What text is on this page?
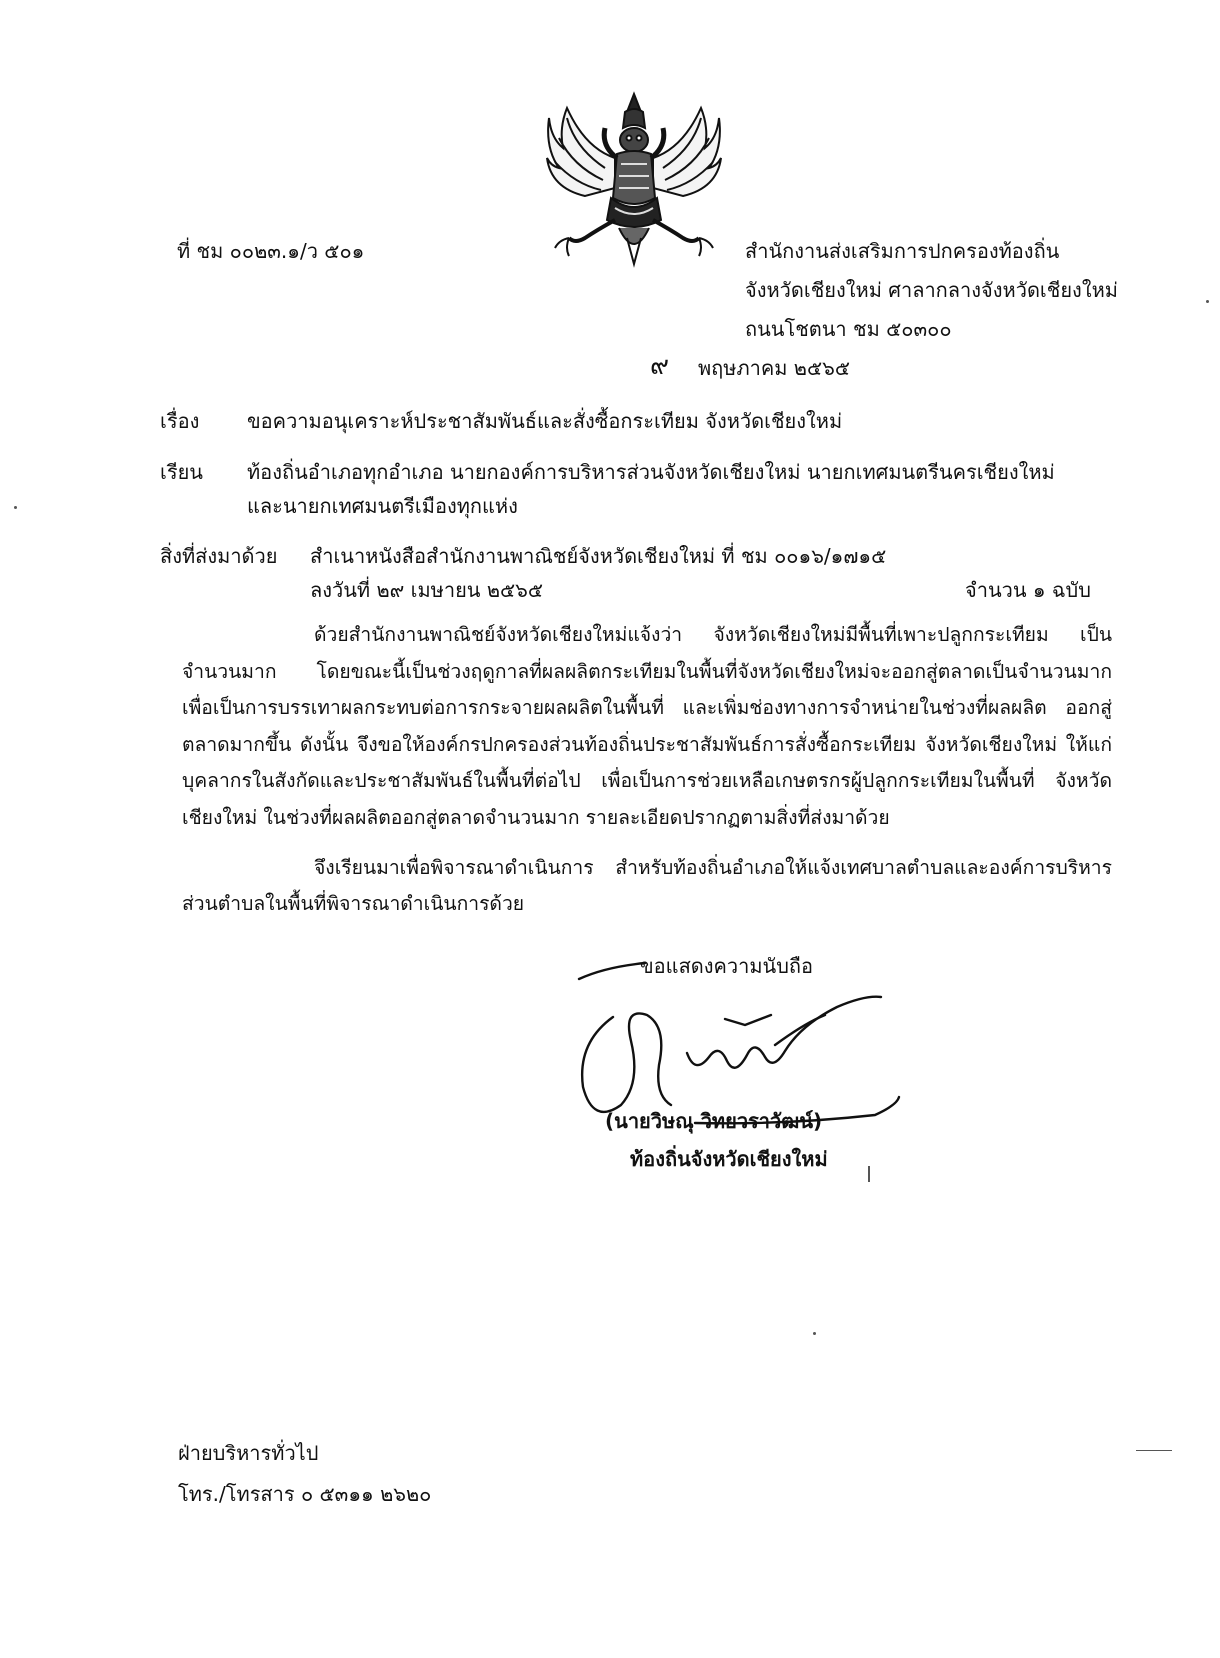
ที่ ชม ๐๐๒๓.๑/ว ๕๐๑	สำนักงานส่งเสริมการปกครองท้องถิ่น
จังหวัดเชียงใหม่ ศาลากลางจังหวัดเชียงใหม่
ถนนโชตนา ชม ๕๐๓๐๐
๙ พฤษภาคม ๒๕๖๕
เรื่อง ขอความอนุเคราะห์ประชาสัมพันธ์และสั่งซื้อกระเทียม จังหวัดเชียงใหม่
เรียน ท้องถิ่นอำเภอทุกอำเภอ นายกองค์การบริหารส่วนจังหวัดเชียงใหม่ นายกเทศมนตรีนครเชียงใหม่
และนายกเทศมนตรีเมืองทุกแห่ง
สิ่งที่ส่งมาด้วย สำเนาหนังสือสำนักงานพาณิชย์จังหวัดเชียงใหม่ ที่ ชม ๐๐๑๖/๑๗๑๕
ลงวันที่ ๒๙ เมษายน ๒๕๖๕	จำนวน ๑ ฉบับ
ด้วยสำนักงานพาณิชย์จังหวัดเชียงใหม่แจ้งว่า จังหวัดเชียงใหม่มีพื้นที่เพาะปลูกกระเทียม เป็นจำนวนมาก โดยขณะนี้เป็นช่วงฤดูกาลที่ผลผลิตกระเทียมในพื้นที่จังหวัดเชียงใหม่จะออกสู่ตลาดเป็นจำนวนมาก เพื่อเป็นการบรรเทาผลกระทบต่อการกระจายผลผลิตในพื้นที่ และเพิ่มช่องทางการจำหน่ายในช่วงที่ผลผลิต ออกสู่ตลาดมากขึ้น ดังนั้น จึงขอให้องค์กรปกครองส่วนท้องถิ่นประชาสัมพันธ์การสั่งซื้อกระเทียม จังหวัดเชียงใหม่ ให้แก่บุคลากรในสังกัดและประชาสัมพันธ์ในพื้นที่ต่อไป เพื่อเป็นการช่วยเหลือเกษตรกรผู้ปลูกกระเทียมในพื้นที่ จังหวัดเชียงใหม่ ในช่วงที่ผลผลิตออกสู่ตลาดจำนวนมาก รายละเอียดปรากฏตามสิ่งที่ส่งมาด้วย
จึงเรียนมาเพื่อพิจารณาดำเนินการ สำหรับท้องถิ่นอำเภอให้แจ้งเทศบาลตำบลและองค์การบริหาร ส่วนตำบลในพื้นที่พิจารณาดำเนินการด้วย
ขอแสดงความนับถือ
(นายวิษณุ วิทยวราวัฒน์)
ท้องถิ่นจังหวัดเชียงใหม่
ฝ่ายบริหารทั่วไป
โทร./โทรสาร ๐ ๕๓๑๑ ๒๖๒๐
